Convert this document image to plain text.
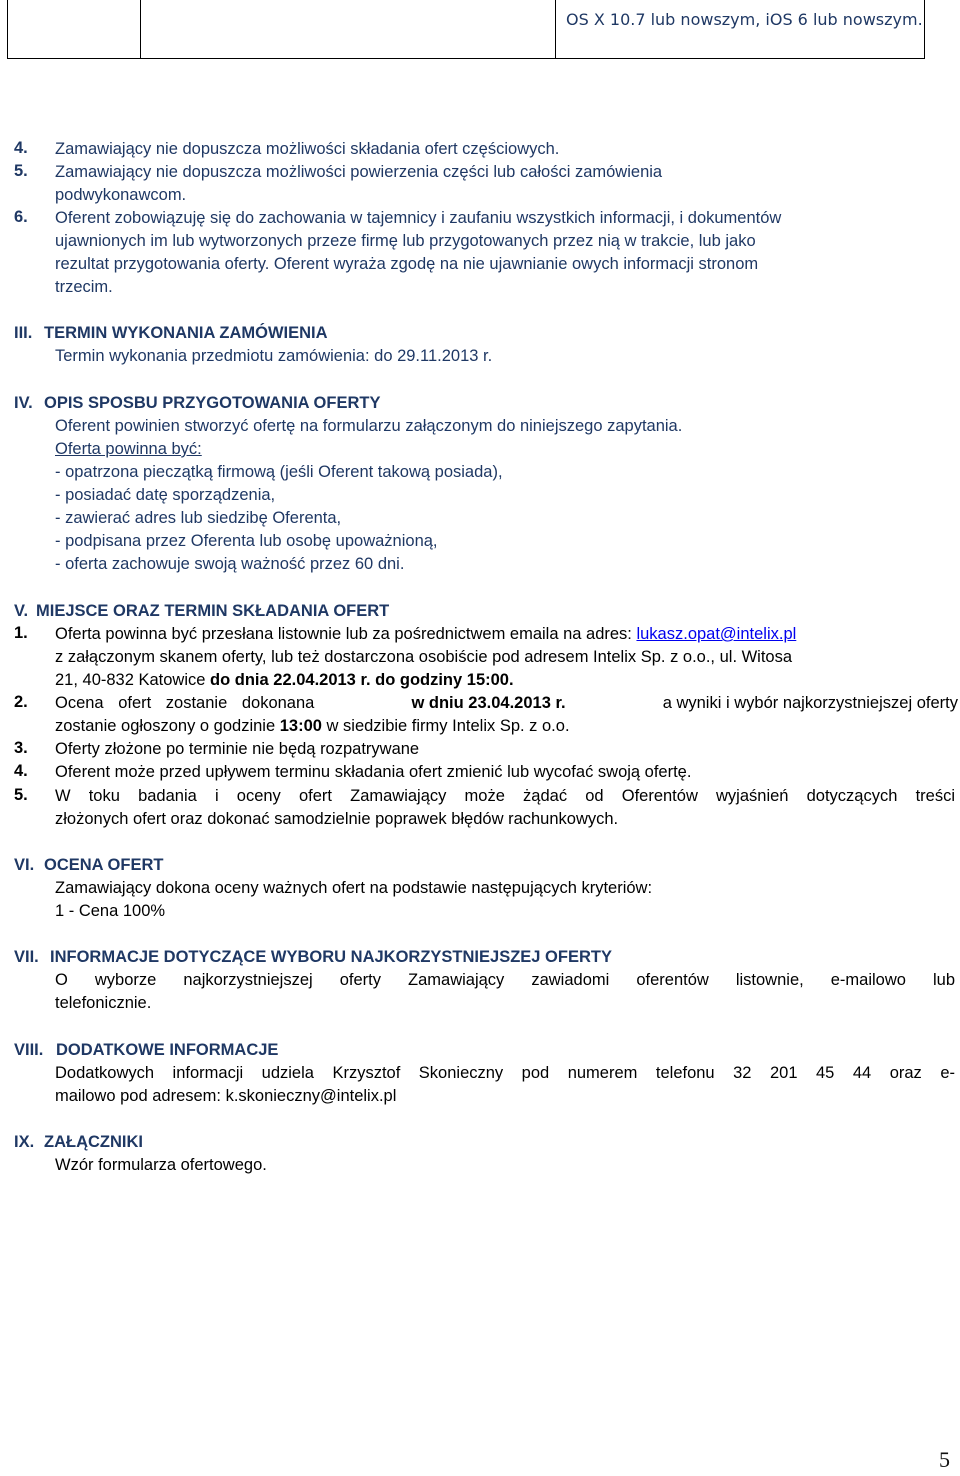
OS X 10.7 lub nowszym, iOS 6 lub nowszym.
4. Zamawiający nie dopuszcza możliwości składania ofert częściowych.
5. Zamawiający nie dopuszcza możliwości powierzenia części lub całości zamówienia
podwykonawcom.
6. Oferent zobowiązuję się do zachowania w tajemnicy i zaufaniu wszystkich informacji, i dokumentów
ujawnionych im lub wytworzonych przeze firmę lub przygotowanych przez nią w trakcie, lub jako
rezultat przygotowania oferty. Oferent wyraża zgodę na nie ujawnianie owych informacji stronom
trzecim.
III. TERMIN WYKONANIA ZAMÓWIENIA
Termin wykonania przedmiotu zamówienia: do 29.11.2013 r.
IV. OPIS SPOSBU PRZYGOTOWANIA OFERTY
Oferent powinien stworzyć ofertę na formularzu załączonym do niniejszego zapytania.
Oferta powinna być:
- opatrzona pieczątką firmową (jeśli Oferent takową posiada),
- posiadać datę sporządzenia,
- zawierać adres lub siedzibę Oferenta,
- podpisana przez Oferenta lub osobę upoważnioną,
- oferta zachowuje swoją ważność przez 60 dni.
V. MIEJSCE ORAZ TERMIN SKŁADANIA OFERT
1. Oferta powinna być przesłana listownie lub za pośrednictwem emaila na adres: lukasz.opat@intelix.pl
z załączonym skanem oferty, lub też dostarczona osobiście pod adresem Intelix Sp. z o.o., ul. Witosa
21, 40-832 Katowice do dnia 22.04.2013 r. do godziny 15:00.
2. Ocena ofert zostanie dokonana	w dniu 23.04.2013 r.	a wyniki i wybór najkorzystniejszej oferty
zostanie ogłoszony o godzinie 13:00 w siedzibie firmy Intelix Sp. z o.o.
3. Oferty złożone po terminie nie będą rozpatrywane
4. Oferent może przed upływem terminu składania ofert zmienić lub wycofać swoją ofertę.
5. W toku badania i oceny ofert Zamawiający może żądać od Oferentów wyjaśnień dotyczących treści
złożonych ofert oraz dokonać samodzielnie poprawek błędów rachunkowych.
VI. OCENA OFERT
Zamawiający dokona oceny ważnych ofert na podstawie następujących kryteriów:
1 - Cena 100%
VII. INFORMACJE DOTYCZĄCE WYBORU NAJKORZYSTNIEJSZEJ OFERTY
O wyborze najkorzystniejszej oferty Zamawiający zawiadomi oferentów listownie, e-mailowo lub
telefonicznie.
VIII. DODATKOWE INFORMACJE
Dodatkowych informacji udziela Krzysztof Skonieczny pod numerem telefonu 32 201 45 44 oraz e-
mailowo pod adresem: k.skonieczny@intelix.pl
IX. ZAŁĄCZNIKI
Wzór formularza ofertowego.
5
